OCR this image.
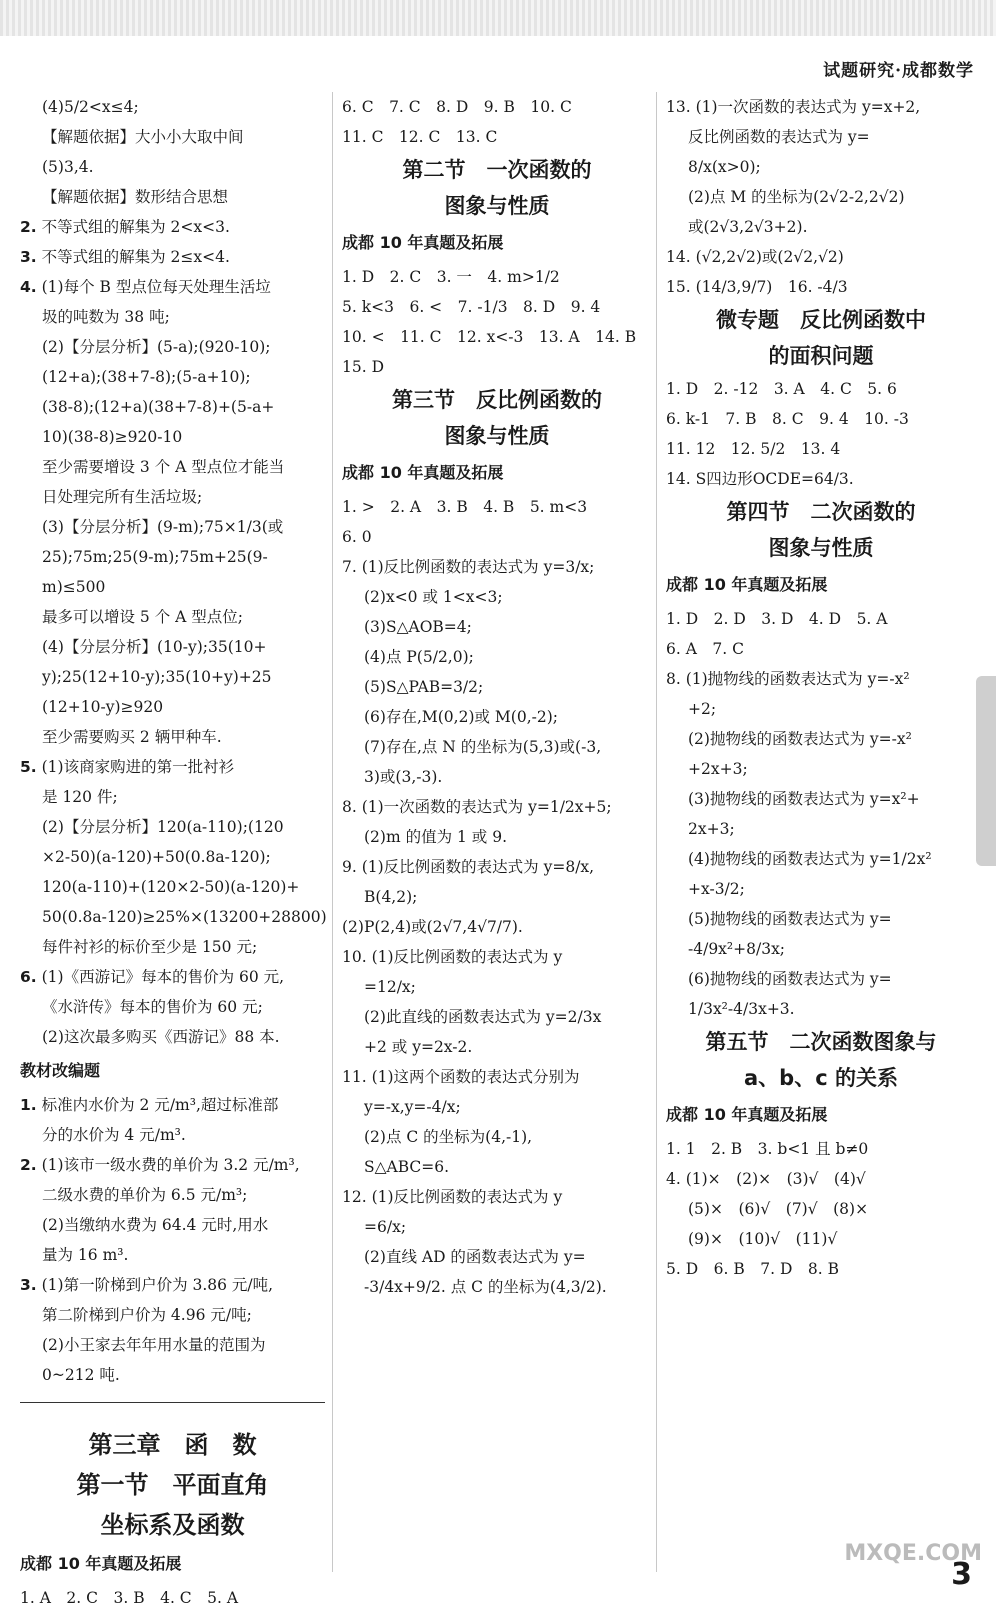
试题研究·成都数学
(4)5/2<x≤4;
【解题依据】大小小大取中间
(5)3,4.
【解题依据】数形结合思想
2. 不等式组的解集为 2<x<3.
3. 不等式组的解集为 2≤x<4.
4. (1)每个 B 型点位每天处理生活垃
圾的吨数为 38 吨;
(2)【分层分析】(5-a);(920-10);
(12+a);(38+7-8);(5-a+10);
(38-8);(12+a)(38+7-8)+(5-a+
10)(38-8)≥920-10
至少需要增设 3 个 A 型点位才能当
日处理完所有生活垃圾;
(3)【分层分析】(9-m);75×1/3(或
25);75m;25(9-m);75m+25(9-
m)≤500
最多可以增设 5 个 A 型点位;
(4)【分层分析】(10-y);35(10+
y);25(12+10-y);35(10+y)+25
(12+10-y)≥920
至少需要购买 2 辆甲种车.
5. (1)该商家购进的第一批衬衫
是 120 件;
(2)【分层分析】120(a-110);(120
×2-50)(a-120)+50(0.8a-120);
120(a-110)+(120×2-50)(a-120)+
50(0.8a-120)≥25%×(13200+28800)
每件衬衫的标价至少是 150 元;
6. (1)《西游记》每本的售价为 60 元,
《水浒传》每本的售价为 60 元;
(2)这次最多购买《西游记》88 本.
教材改编题
1. 标准内水价为 2 元/m³,超过标准部
分的水价为 4 元/m³.
2. (1)该市一级水费的单价为 3.2 元/m³,
二级水费的单价为 6.5 元/m³;
(2)当缴纳水费为 64.4 元时,用水
量为 16 m³.
3. (1)第一阶梯到户价为 3.86 元/吨,
第二阶梯到户价为 4.96 元/吨;
(2)小王家去年年用水量的范围为
0~212 吨.
第三章　函　数
第一节　平面直角
坐标系及函数
成都 10 年真题及拓展
1. A　2. C　3. B　4. C　5. A
6. C　7. C　8. D　9. B　10. C
11. C　12. C　13. C
第二节　一次函数的
图象与性质
成都 10 年真题及拓展
1. D　2. C　3. 一　4. m>1/2
5. k<3　6. <　7. -1/3　8. D　9. 4
10. <　11. C　12. x<-3　13. A　14. B
15. D
第三节　反比例函数的
图象与性质
成都 10 年真题及拓展
1. >　2. A　3. B　4. B　5. m<3
6. 0
7. (1)反比例函数的表达式为 y=3/x;
(2)x<0 或 1<x<3;
(3)S△AOB=4;
(4)点 P(5/2,0);
(5)S△PAB=3/2;
(6)存在,M(0,2)或 M(0,-2);
(7)存在,点 N 的坐标为(5,3)或(-3,
3)或(3,-3).
8. (1)一次函数的表达式为 y=1/2x+5;
(2)m 的值为 1 或 9.
9. (1)反比例函数的表达式为 y=8/x,
B(4,2);
(2)P(2,4)或(2√7,4√7/7).
10. (1)反比例函数的表达式为 y
=12/x;
(2)此直线的函数表达式为 y=2/3x
+2 或 y=2x-2.
11. (1)这两个函数的表达式分别为
y=-x,y=-4/x;
(2)点 C 的坐标为(4,-1),
S△ABC=6.
12. (1)反比例函数的表达式为 y
=6/x;
(2)直线 AD 的函数表达式为 y=
-3/4x+9/2. 点 C 的坐标为(4,3/2).
13. (1)一次函数的表达式为 y=x+2,
反比例函数的表达式为 y=
8/x(x>0);
(2)点 M 的坐标为(2√2-2,2√2)
或(2√3,2√3+2).
14. (√2,2√2)或(2√2,√2)
15. (14/3,9/7)　16. -4/3
微专题　反比例函数中
的面积问题
1. D　2. -12　3. A　4. C　5. 6
6. k-1　7. B　8. C　9. 4　10. -3
11. 12　12. 5/2　13. 4
14. S四边形OCDE=64/3.
第四节　二次函数的
图象与性质
成都 10 年真题及拓展
1. D　2. D　3. D　4. D　5. A
6. A　7. C
8. (1)抛物线的函数表达式为 y=-x²
+2;
(2)抛物线的函数表达式为 y=-x²
+2x+3;
(3)抛物线的函数表达式为 y=x²+
2x+3;
(4)抛物线的函数表达式为 y=1/2x²
+x-3/2;
(5)抛物线的函数表达式为 y=
-4/9x²+8/3x;
(6)抛物线的函数表达式为 y=
1/3x²-4/3x+3.
第五节　二次函数图象与
a、b、c 的关系
成都 10 年真题及拓展
1. 1　2. B　3. b<1 且 b≠0
4. (1)×　(2)×　(3)√　(4)√
(5)×　(6)√　(7)√　(8)×
(9)×　(10)√　(11)√
5. D　6. B　7. D　8. B
MXQE.COM
3
